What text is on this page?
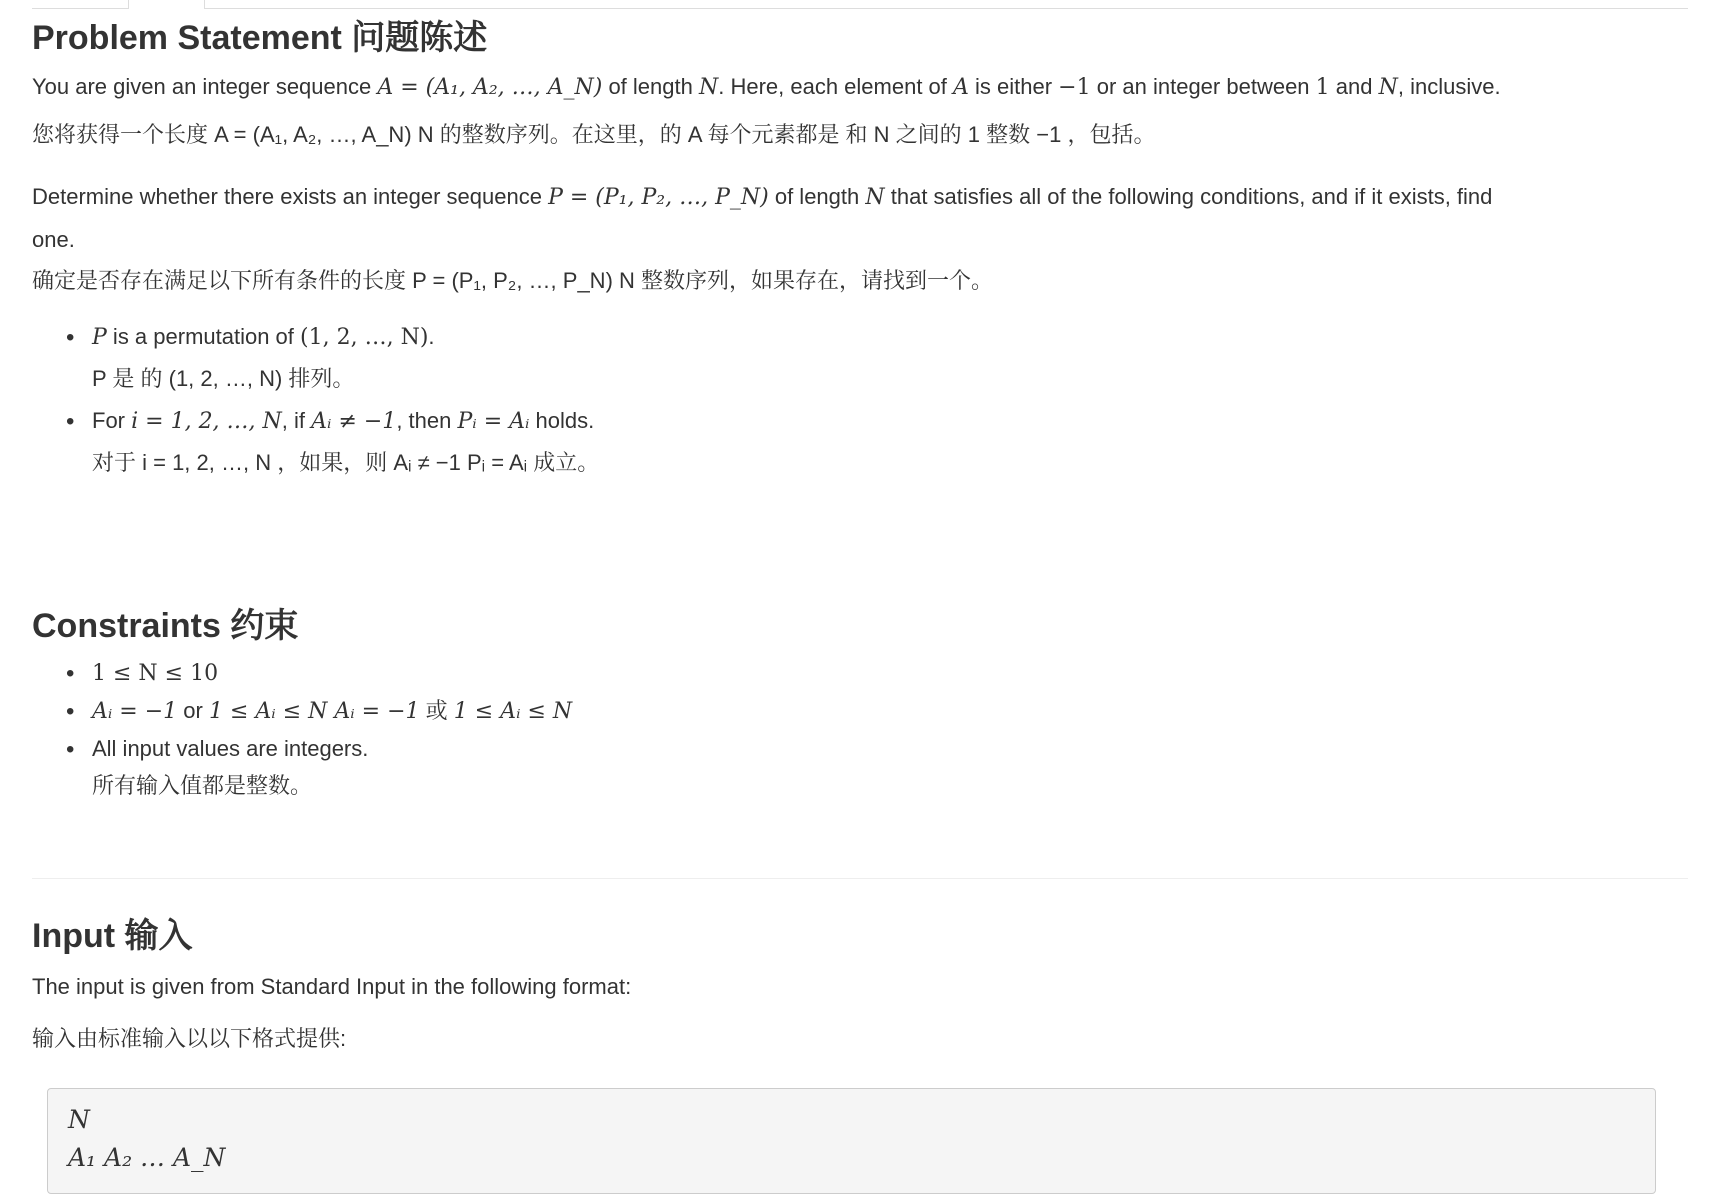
Problem Statement 问题陈述

You are given an integer sequence A = (A₁, A₂, …, A_N) of length N. Here, each element of A is either −1 or an integer between 1 and N, inclusive.

您将获得一个长度 A = (A₁, A₂, …, A_N) N 的整数序列。在这里，的 A 每个元素都是 和 N 之间的 1 整数 −1 ，包括。

Determine whether there exists an integer sequence P = (P₁, P₂, …, P_N) of length N that satisfies all of the following conditions, and if it exists, find
one.

确定是否存在满足以下所有条件的长度 P = (P₁, P₂, …, P_N) N 整数序列，如果存在，请找到一个。

• P is a permutation of (1, 2, …, N).
P 是 的 (1, 2, …, N) 排列。
• For i = 1, 2, …, N, if Aᵢ ≠ −1, then Pᵢ = Aᵢ holds.
对于 i = 1, 2, …, N ，如果，则 Aᵢ ≠ −1 Pᵢ = Aᵢ 成立。
Constraints 约束
• 1 ≤ N ≤ 10
• Aᵢ = −1 or 1 ≤ Aᵢ ≤ N Aᵢ = −1 或 1 ≤ Aᵢ ≤ N
• All input values are integers.
所有输入值都是整数。
Input 输入

The input is given from Standard Input in the following format:

输入由标准输入以以下格式提供:

N
A₁ A₂ … A_N
